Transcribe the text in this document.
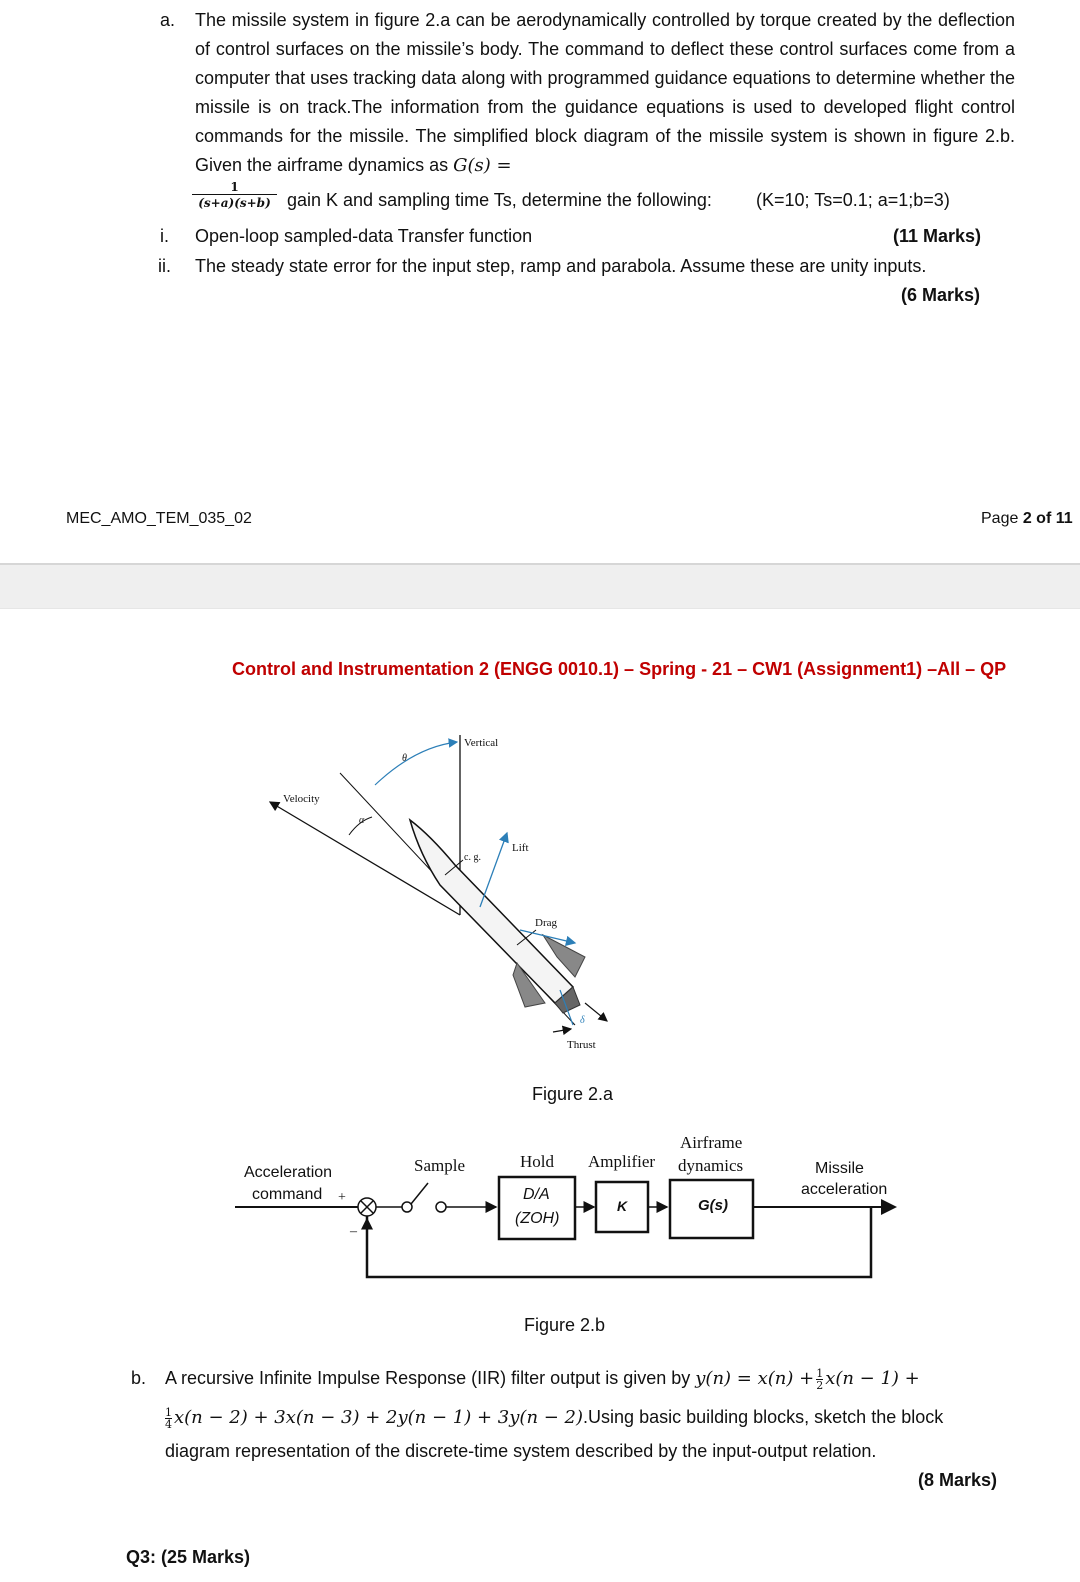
a. The missile system in figure 2.a can be aerodynamically controlled by torque created by the deflection of control surfaces on the missile’s body. The command to deflect these control surfaces come from a computer that uses tracking data along with programmed guidance equations to determine whether the missile is on track.The information from the guidance equations is used to developed flight control commands for the missile. The simplified block diagram of the missile system is shown in figure 2.b. Given the airframe dynamics as G(s) =
$\frac{1}{(s+a)(s+b)}$ gain K and sampling time Ts, determine the following: (K=10; Ts=0.1; a=1;b=3)
i. Open-loop sampled-data Transfer function	(11 Marks)
ii. The steady state error for the input step, ramp and parabola. Assume these are unity inputs.
(6 Marks)
MEC_AMO_TEM_035_02	Page 2 of 11
Control and Instrumentation 2 (ENGG 0010.1) – Spring - 21 – CW1 (Assignment1) –All – QP
θ
α
Lift
c. g.
Drag
δ
Thrust
Vertical
Velocity
Figure 2.a
+
–
Acceleration
command
Sample	Hold Amplifier
Airframe
dynamics	Missile
acceleration
D/A
(ZOH)
K	G(s)
Figure 2.b
b. A recursive Infinite Impulse Response (IIR) filter output is given by $y(n) = x(n) + \frac{1}{2} x(n - 1)$ +
$\frac{1}{4} x(n - 2) + 3x(n - 3) + 2y(n - 1) + 3y(n - 2).Using$ basic building blocks, sketch the block
diagram representation of the discrete-time system described by the input-output relation.
(8 Marks)
Q3: (25 Marks)
